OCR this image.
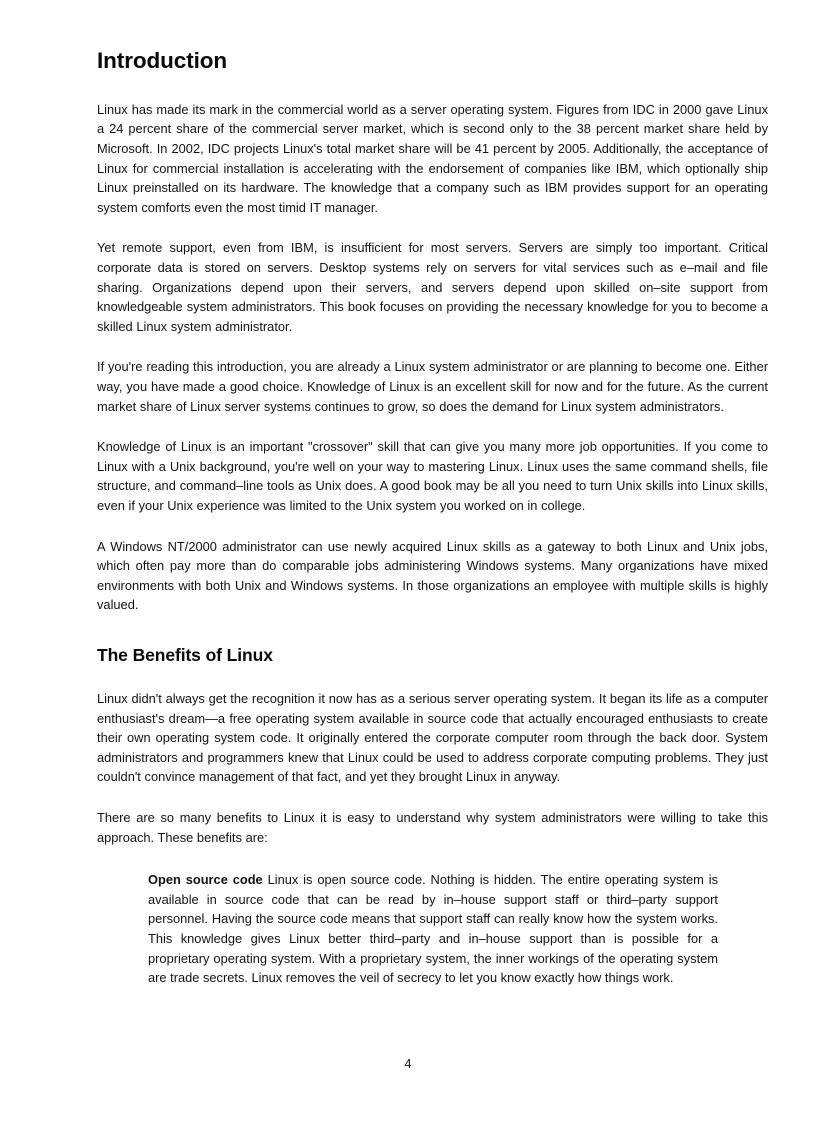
Introduction

Linux has made its mark in the commercial world as a server operating system. Figures from IDC in 2000 gave Linux a 24 percent share of the commercial server market, which is second only to the 38 percent market share held by Microsoft. In 2002, IDC projects Linux's total market share will be 41 percent by 2005. Additionally, the acceptance of Linux for commercial installation is accelerating with the endorsement of companies like IBM, which optionally ship Linux preinstalled on its hardware. The knowledge that a company such as IBM provides support for an operating system comforts even the most timid IT manager.

Yet remote support, even from IBM, is insufficient for most servers. Servers are simply too important. Critical corporate data is stored on servers. Desktop systems rely on servers for vital services such as e–mail and file sharing. Organizations depend upon their servers, and servers depend upon skilled on–site support from knowledgeable system administrators. This book focuses on providing the necessary knowledge for you to become a skilled Linux system administrator.

If you're reading this introduction, you are already a Linux system administrator or are planning to become one. Either way, you have made a good choice. Knowledge of Linux is an excellent skill for now and for the future. As the current market share of Linux server systems continues to grow, so does the demand for Linux system administrators.

Knowledge of Linux is an important "crossover" skill that can give you many more job opportunities. If you come to Linux with a Unix background, you're well on your way to mastering Linux. Linux uses the same command shells, file structure, and command–line tools as Unix does. A good book may be all you need to turn Unix skills into Linux skills, even if your Unix experience was limited to the Unix system you worked on in college.

A Windows NT/2000 administrator can use newly acquired Linux skills as a gateway to both Linux and Unix jobs, which often pay more than do comparable jobs administering Windows systems. Many organizations have mixed environments with both Unix and Windows systems. In those organizations an employee with multiple skills is highly valued.

The Benefits of Linux

Linux didn't always get the recognition it now has as a serious server operating system. It began its life as a computer enthusiast's dream—a free operating system available in source code that actually encouraged enthusiasts to create their own operating system code. It originally entered the corporate computer room through the back door. System administrators and programmers knew that Linux could be used to address corporate computing problems. They just couldn't convince management of that fact, and yet they brought Linux in anyway.

There are so many benefits to Linux it is easy to understand why system administrators were willing to take this approach. These benefits are:

Open source code Linux is open source code. Nothing is hidden. The entire operating system is available in source code that can be read by in–house support staff or third–party support personnel. Having the source code means that support staff can really know how the system works. This knowledge gives Linux better third–party and in–house support than is possible for a proprietary operating system. With a proprietary system, the inner workings of the operating system are trade secrets. Linux removes the veil of secrecy to let you know exactly how things work.

4
